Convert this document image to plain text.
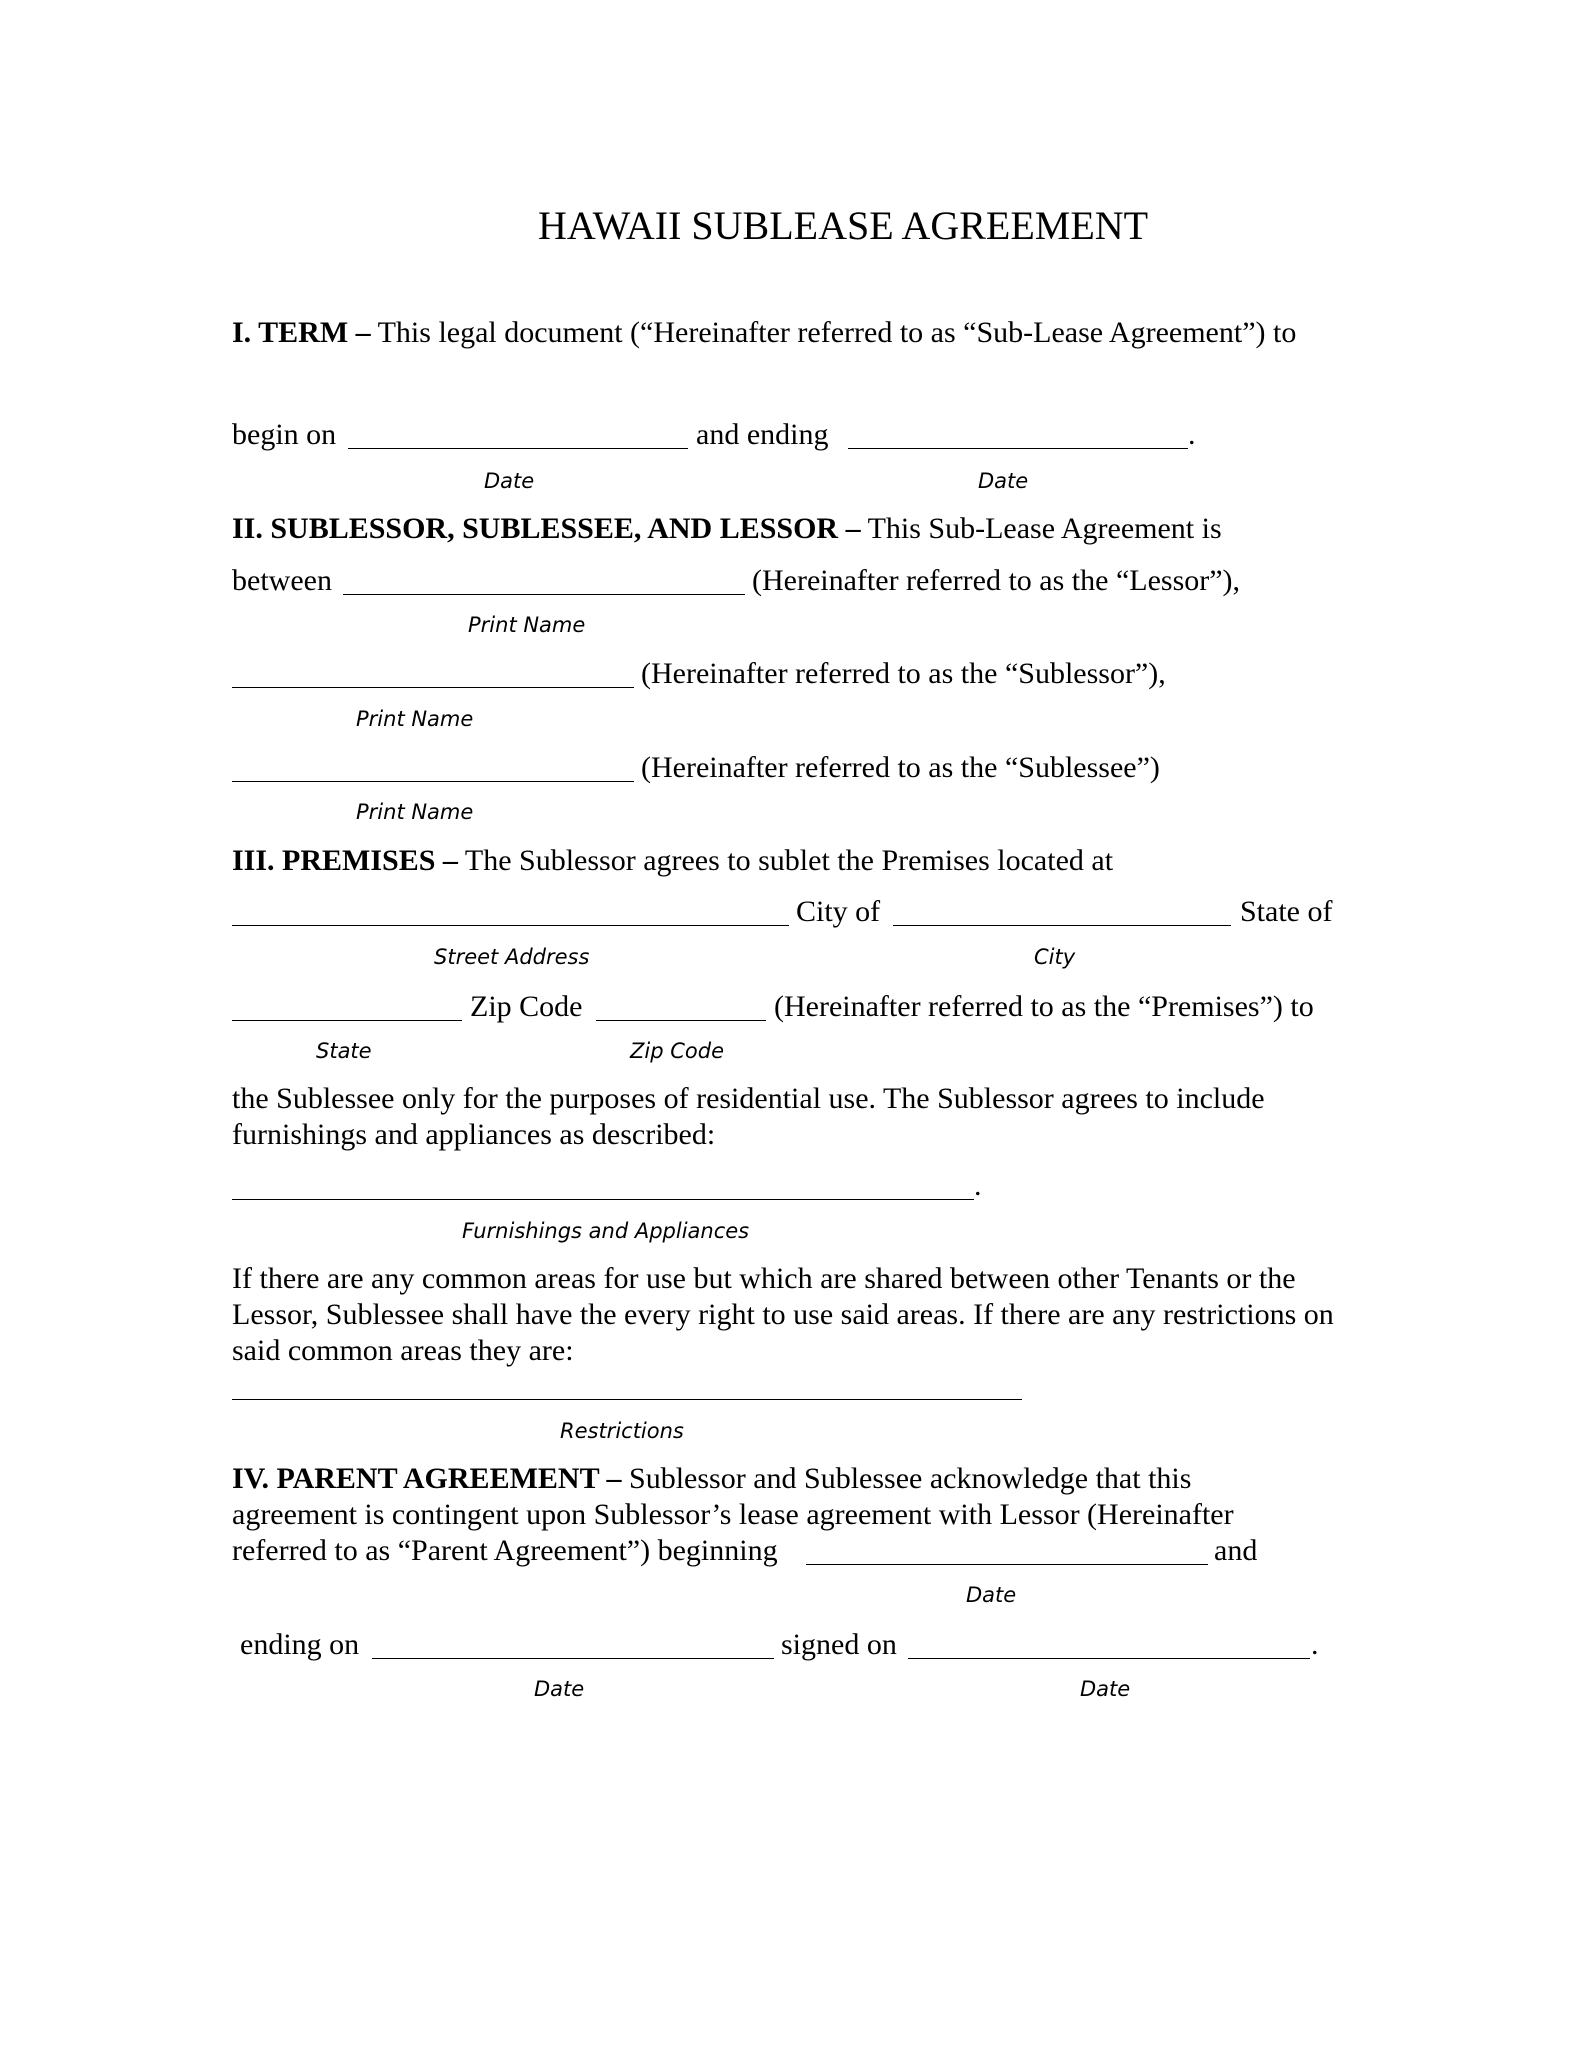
HAWAII SUBLEASE AGREEMENT
I. TERM – This legal document (“Hereinafter referred to as “Sub-Lease Agreement”) to
begin on	and ending	.
Date	Date
II. SUBLESSOR, SUBLESSEE, AND LESSOR – This Sub-Lease Agreement is
between	(Hereinafter referred to as the “Lessor”),
Print Name
(Hereinafter referred to as the “Sublessor”),
Print Name
(Hereinafter referred to as the “Sublessee”)
Print Name
III. PREMISES – The Sublessor agrees to sublet the Premises located at
City of	State of
Street Address	City
Zip Code	(Hereinafter referred to as the “Premises”) to
State	Zip Code
the Sublessee only for the purposes of residential use. The Sublessor agrees to include furnishings and appliances as described:
.
Furnishings and Appliances
If there are any common areas for use but which are shared between other Tenants or the Lessor, Sublessee shall have the every right to use said areas. If there are any restrictions on said common areas they are:
Restrictions
IV. PARENT AGREEMENT – Sublessor and Sublessee acknowledge that this
agreement is contingent upon Sublessor’s lease agreement with Lessor (Hereinafter
referred to as “Parent Agreement”) beginning	and
Date
ending on	signed on	.
Date	Date
